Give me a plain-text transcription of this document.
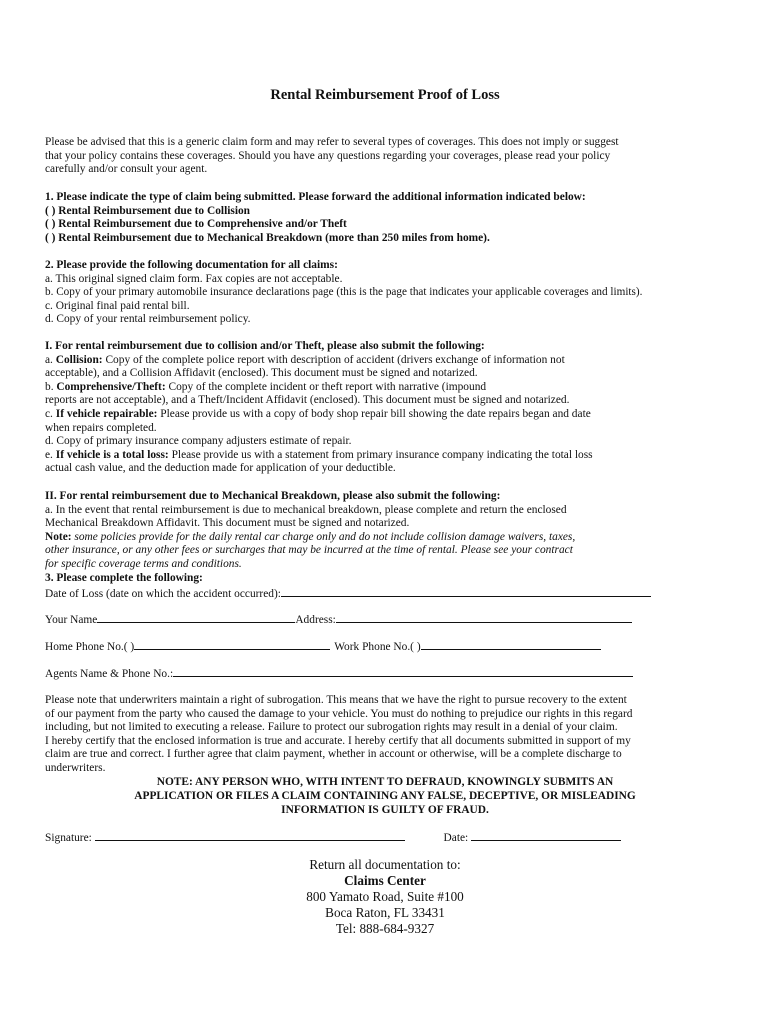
Rental Reimbursement Proof of Loss
Please be advised that this is a generic claim form and may refer to several types of coverages. This does not imply or suggest
that your policy contains these coverages. Should you have any questions regarding your coverages, please read your policy
carefully and/or consult your agent.
1. Please indicate the type of claim being submitted. Please forward the additional information indicated below:
( ) Rental Reimbursement due to Collision
( ) Rental Reimbursement due to Comprehensive and/or Theft
( ) Rental Reimbursement due to Mechanical Breakdown (more than 250 miles from home).
2. Please provide the following documentation for all claims:
a. This original signed claim form. Fax copies are not acceptable.
b. Copy of your primary automobile insurance declarations page (this is the page that indicates your applicable coverages and limits).
c. Original final paid rental bill.
d. Copy of your rental reimbursement policy.
I. For rental reimbursement due to collision and/or Theft, please also submit the following:
a. Collision: Copy of the complete police report with description of accident (drivers exchange of information not
acceptable), and a Collision Affidavit (enclosed). This document must be signed and notarized.
b. Comprehensive/Theft: Copy of the complete incident or theft report with narrative (impound
reports are not acceptable), and a Theft/Incident Affidavit (enclosed). This document must be signed and notarized.
c. If vehicle repairable: Please provide us with a copy of body shop repair bill showing the date repairs began and date
when repairs completed.
d. Copy of primary insurance company adjusters estimate of repair.
e. If vehicle is a total loss: Please provide us with a statement from primary insurance company indicating the total loss
actual cash value, and the deduction made for application of your deductible.
II. For rental reimbursement due to Mechanical Breakdown, please also submit the following:
a. In the event that rental reimbursement is due to mechanical breakdown, please complete and return the enclosed
Mechanical Breakdown Affidavit. This document must be signed and notarized.
Note: some policies provide for the daily rental car charge only and do not include collision damage waivers, taxes,
other insurance, or any other fees or surcharges that may be incurred at the time of rental. Please see your contract
for specific coverage terms and conditions.
3. Please complete the following:
Date of Loss (date on which the accident occurred):
Your Name	Address:
Home Phone No.( )	Work Phone No.( )
Agents Name & Phone No.:
Please note that underwriters maintain a right of subrogation. This means that we have the right to pursue recovery to the extent
of our payment from the party who caused the damage to your vehicle. You must do nothing to prejudice our rights in this regard
including, but not limited to executing a release. Failure to protect our subrogation rights may result in a denial of your claim.
I hereby certify that the enclosed information is true and accurate. I hereby certify that all documents submitted in support of my
claim are true and correct. I further agree that claim payment, whether in account or otherwise, will be a complete discharge to
underwriters.
NOTE: ANY PERSON WHO, WITH INTENT TO DEFRAUD, KNOWINGLY SUBMITS AN
APPLICATION OR FILES A CLAIM CONTAINING ANY FALSE, DECEPTIVE, OR MISLEADING
INFORMATION IS GUILTY OF FRAUD.
Signature:	Date:
Return all documentation to:
Claims Center
800 Yamato Road, Suite #100
Boca Raton, FL 33431
Tel: 888-684-9327
